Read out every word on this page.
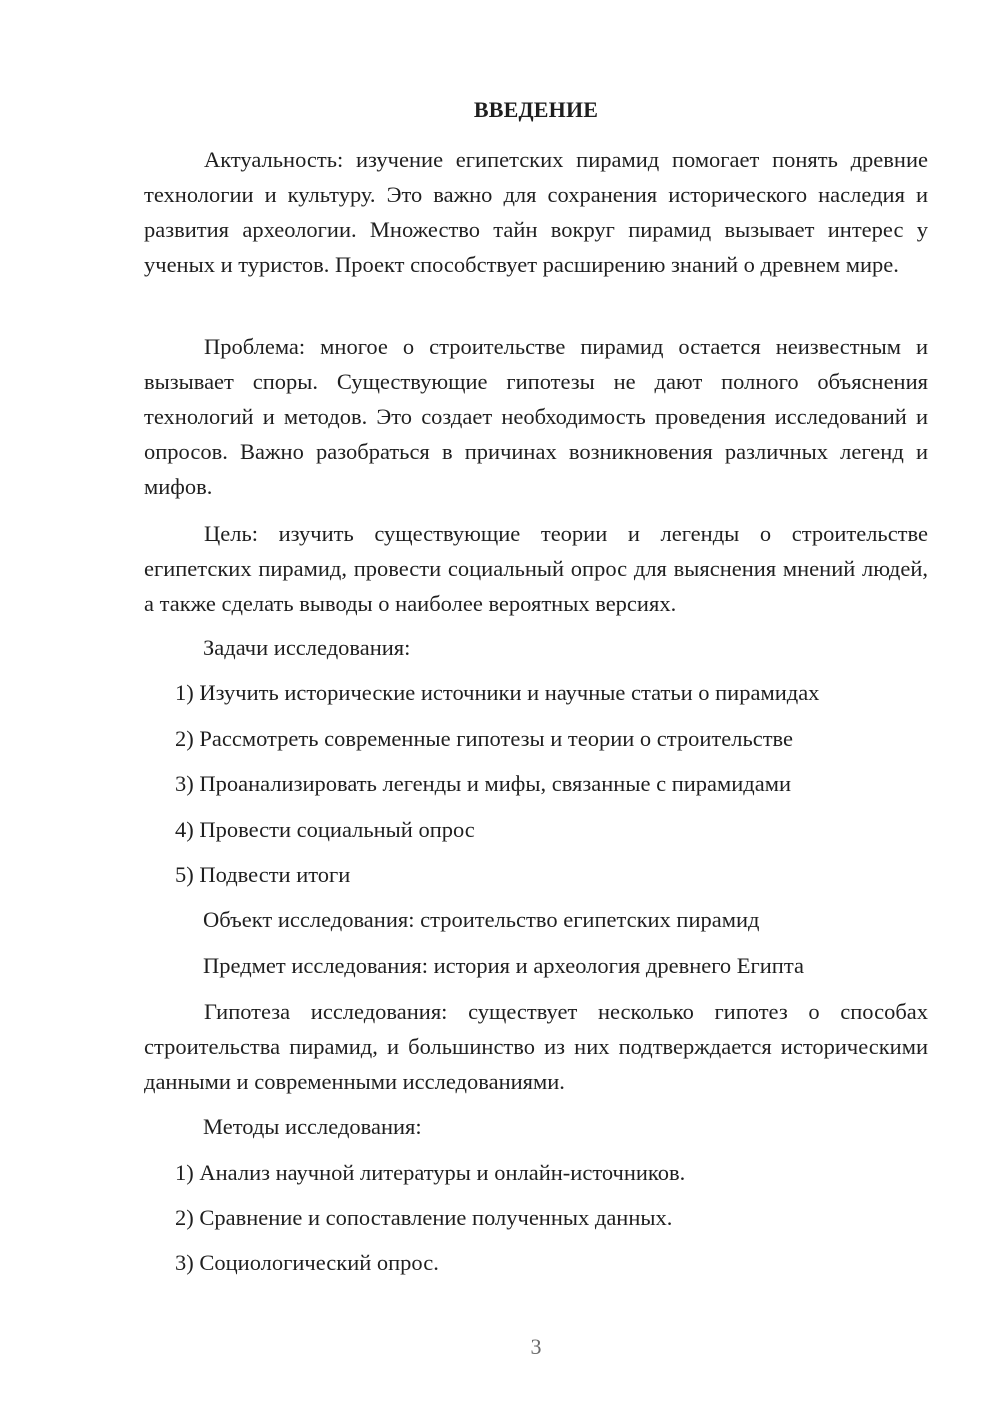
ВВЕДЕНИЕ

Актуальность: изучение египетских пирамид помогает понять древние технологии и культуру. Это важно для сохранения исторического наследия и развития археологии. Множество тайн вокруг пирамид вызывает интерес у ученых и туристов. Проект способствует расширению знаний о древнем мире.

Проблема: многое о строительстве пирамид остается неизвестным и вызывает споры. Существующие гипотезы не дают полного объяснения технологий и методов. Это создает необходимость проведения исследований и опросов. Важно разобраться в причинах возникновения различных легенд и мифов.

Цель: изучить существующие теории и легенды о строительстве египетских пирамид, провести социальный опрос для выяснения мнений людей, а также сделать выводы о наиболее вероятных версиях.

Задачи исследования:

1) Изучить исторические источники и научные статьи о пирамидах

2) Рассмотреть современные гипотезы и теории о строительстве

3) Проанализировать легенды и мифы, связанные с пирамидами

4) Провести социальный опрос

5) Подвести итоги

Объект исследования: строительство египетских пирамид

Предмет исследования: история и археология древнего Египта

Гипотеза исследования: существует несколько гипотез о способах строительства пирамид, и большинство из них подтверждается историческими данными и современными исследованиями.

Методы исследования:

1) Анализ научной литературы и онлайн-источников.

2) Сравнение и сопоставление полученных данных.

3) Социологический опрос.

3
